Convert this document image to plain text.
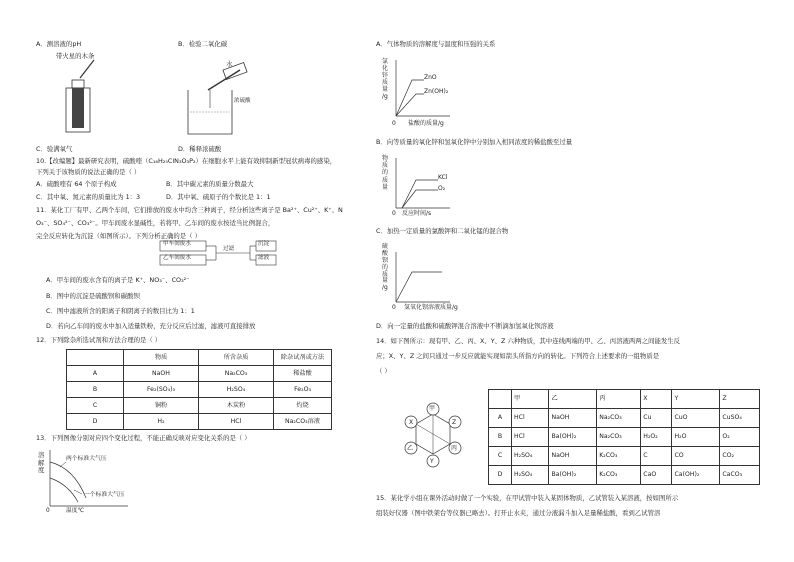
A．测溶液的pH	B．检验二氧化碳
带火星的木条
水
浓硫酸
C．验满氧气	D．稀释浓硫酸
10.【改编题】最新研究表明，硫酸喹（C₁₆H₂₅ClN₃O₃P₂）在细胞水平上能有效抑制新型冠状病毒的感染，
下列关于该物质的说法正确的是（ ）
A．硫酸喹有 64 个原子构成	B．其中碳元素的质量分数最大
C．其中氧、氮元素的质量比为 1：3	D．其中氧、硫原子的个数比是 1：1
11．某化工厂有甲、乙两个车间，它们排放的废水中均含三种离子，经分析这些离子是 Ba²⁺、Cu²⁺、K⁺、N
O₃⁻、SO₄²⁻、CO₃²⁻。甲车间废水显碱性，若将甲、乙车间的废水按适当比例混合，
完全反应转化为沉淀（如图所示）。下列分析正确的是（ ）
甲车间废水
乙车间废水
过滤
沉淀
滤液
A．甲车间的废水含有的离子是 K⁺、NO₃⁻、CO₃²⁻
B．图中的沉淀是硫酸钡和碳酸钡
C．图中滤液所含的阳离子和阴离子的数目比为 1：1
D．若向乙车间的废水中加入适量铁粉，充分反应后过滤，滤液可直接排放
12．下列除杂所选试剂和方法合理的是（ ）
	物质	所含杂质	除杂试剂或方法
A	NaOH	Na₂CO₃	稀盐酸
B	Fe₂(SO₄)₃	H₂SO₄	Fe₂O₃
C	铜粉	木炭粉	灼烧
D	H₂	HCl	Na₂CO₃溶液
13．下列图像分别对应四个变化过程，不能正确反映对应变化关系的是（ ）
溶
解
度
两个标准大气压
一个标准大气压
0	温度℃
A．气体物质的溶解度与温度和压强的关系
氯
化
锌
质
量
/g
ZnO
Zn(OH)₂
0 盐酸的质量/g
B．向等质量的氧化锌和氢氧化锌中分别加入相同浓度的稀盐酸至过量
物
质
的
质
量
KCl
O₂
0 反应时间/s
C．加热一定质量的氯酸钾和二氧化锰的混合物
硫
酸
钡
的
质
量
/g
0 氢氧化钡溶液质量/g
D．向一定量的盐酸和硫酸钾混合溶液中不断滴加氢氧化钡溶液
14．如下图所示：现有甲、乙、丙、X、Y、Z 六种物质，其中连线两端的甲、乙、丙溶液两两之间能发生反
应；X、Y、Z 之间只通过一步反应就能实现如箭头所指方向的转化。下列符合上述要求的一组物质是
（ ）
甲
Z
丙
Y
乙
X
	甲	乙	丙	X	Y	Z
A	HCl	NaOH	Na₂CO₃	Cu	CuO	CuSO₄
B	HCl	Ba(OH)₂	Na₂CO₃	H₂O₂	H₂O	O₂
C	H₂SO₄	NaOH	K₂CO₃	C	CO	CO₂
D	H₂SO₄	Ba(OH)₂	K₂CO₃	CaO	Ca(OH)₂	CaCO₃
15．某化学小组在课外活动时做了一个实验，在甲试管中装入某固体物质，乙试管装入某溶液，按如图所示
组装好仪器（图中铁架台等仪器已略去）。打开止水夹，通过分液漏斗加入足量稀盐酸，看到乙试管溶
